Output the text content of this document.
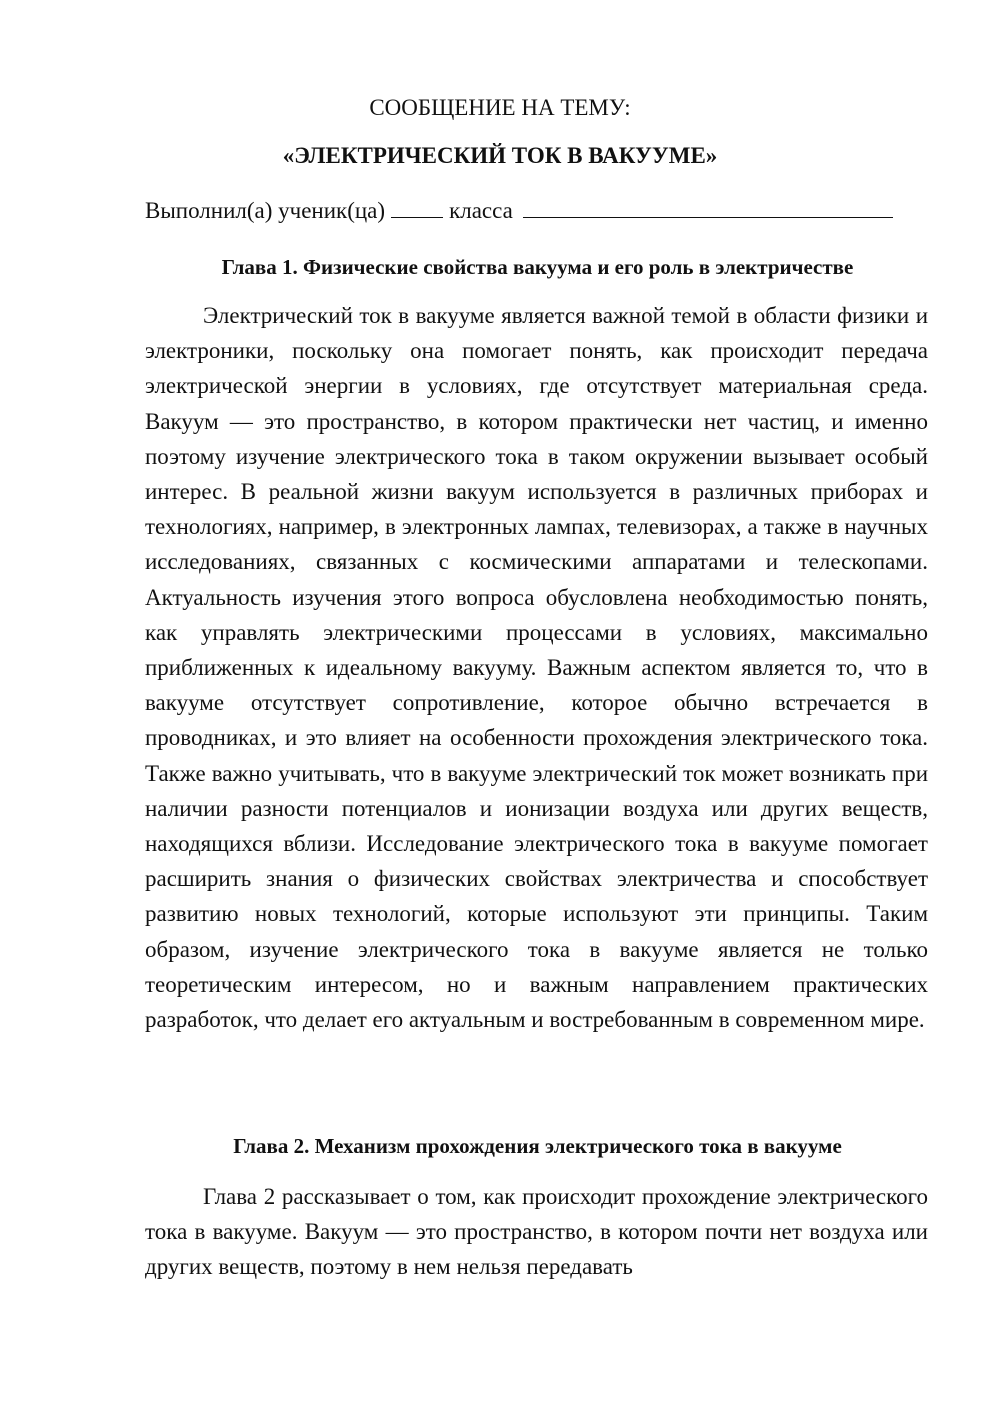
СООБЩЕНИЕ НА ТЕМУ:
«ЭЛЕКТРИЧЕСКИЙ ТОК В ВАКУУМЕ»
Выполнил(а) ученик(ца)	класса
Глава 1. Физические свойства вакуума и его роль в электричестве

Электрический ток в вакууме является важной темой в области физики и электроники, поскольку она помогает понять, как происходит передача электрической энергии в условиях, где отсутствует материальная среда. Вакуум — это пространство, в котором практически нет частиц, и именно поэтому изучение электрического тока в таком окружении вызывает особый интерес. В реальной жизни вакуум используется в различных приборах и технологиях, например, в электронных лампах, телевизорах, а также в научных исследованиях, связанных с космическими аппаратами и телескопами. Актуальность изучения этого вопроса обусловлена необходимостью понять, как управлять электрическими процессами в условиях, максимально приближенных к идеальному вакууму. Важным аспектом является то, что в вакууме отсутствует сопротивление, которое обычно встречается в проводниках, и это влияет на особенности прохождения электрического тока. Также важно учитывать, что в вакууме электрический ток может возникать при наличии разности потенциалов и ионизации воздуха или других веществ, находящихся вблизи. Исследование электрического тока в вакууме помогает расширить знания о физических свойствах электричества и способствует развитию новых технологий, которые используют эти принципы. Таким образом, изучение электрического тока в вакууме является не только теоретическим интересом, но и важным направлением практических разработок, что делает его актуальным и востребованным в современном мире.

Глава 2. Механизм прохождения электрического тока в вакууме

Глава 2 рассказывает о том, как происходит прохождение электрического тока в вакууме. Вакуум — это пространство, в котором почти нет воздуха или других веществ, поэтому в нем нельзя передавать
